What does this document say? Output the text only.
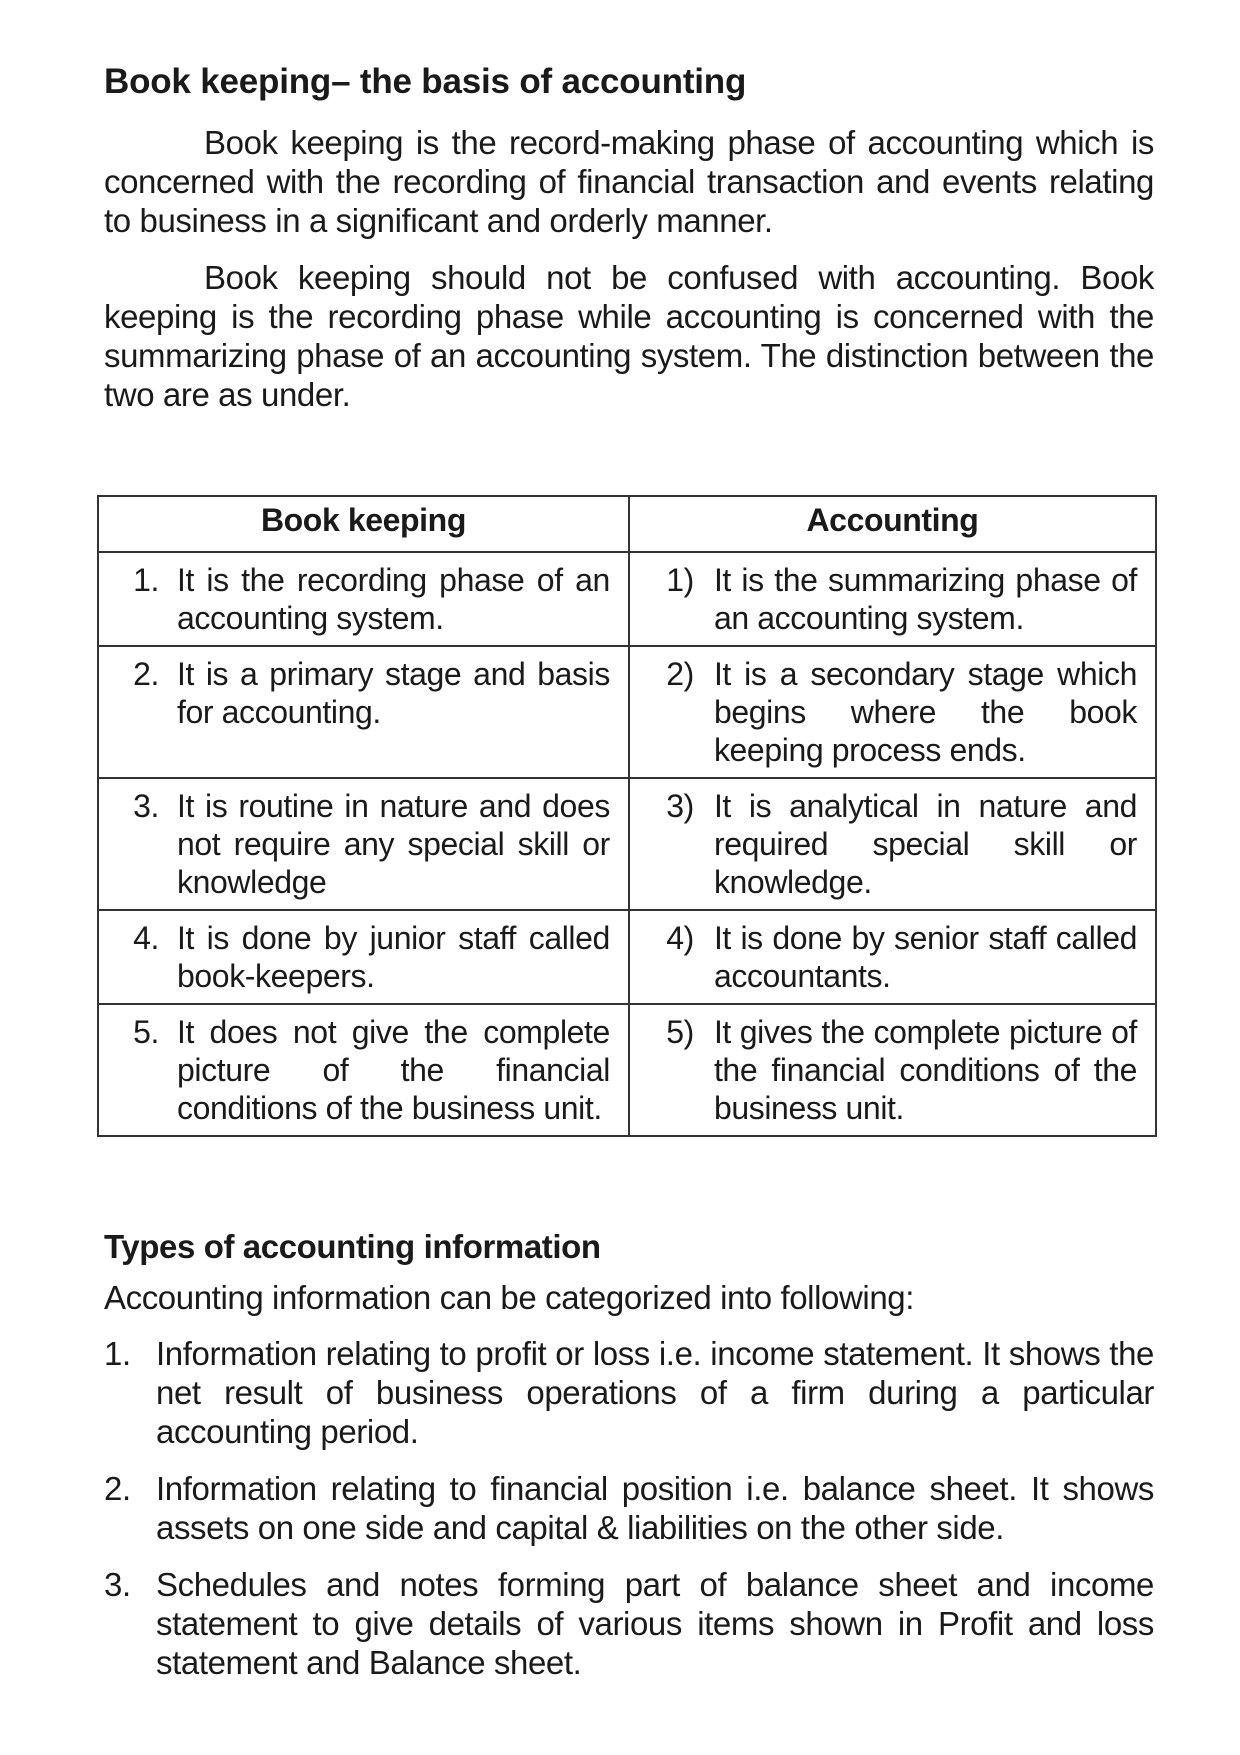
Book keeping– the basis of accounting

Book keeping is the record-making phase of accounting which is concerned with the recording of financial transaction and events relating to business in a significant and orderly manner.

Book keeping should not be confused with accounting. Book keeping is the recording phase while accounting is concerned with the summarizing phase of an accounting system. The distinction between the two are as under.

Book keeping	Accounting

1. It is the recording phase of an accounting system.	1) It is the summarizing phase of an accounting system.

2. It is a primary stage and basis for accounting.	2) It is a secondary stage which begins where the book keeping process ends.

3. It is routine in nature and does not require any special skill or knowledge	3) It is analytical in nature and required special skill or knowledge.

4. It is done by junior staff called book-keepers.	4) It is done by senior staff called accountants.

5. It does not give the complete picture of the financial conditions of the business unit.	5) It gives the complete picture of the financial conditions of the business unit.
Types of accounting information

Accounting information can be categorized into following:

1. Information relating to profit or loss i.e. income statement. It shows the net result of business operations of a firm during a particular accounting period.
2. Information relating to financial position i.e. balance sheet. It shows assets on one side and capital & liabilities on the other side.
3. Schedules and notes forming part of balance sheet and income statement to give details of various items shown in Profit and loss statement and Balance sheet.
